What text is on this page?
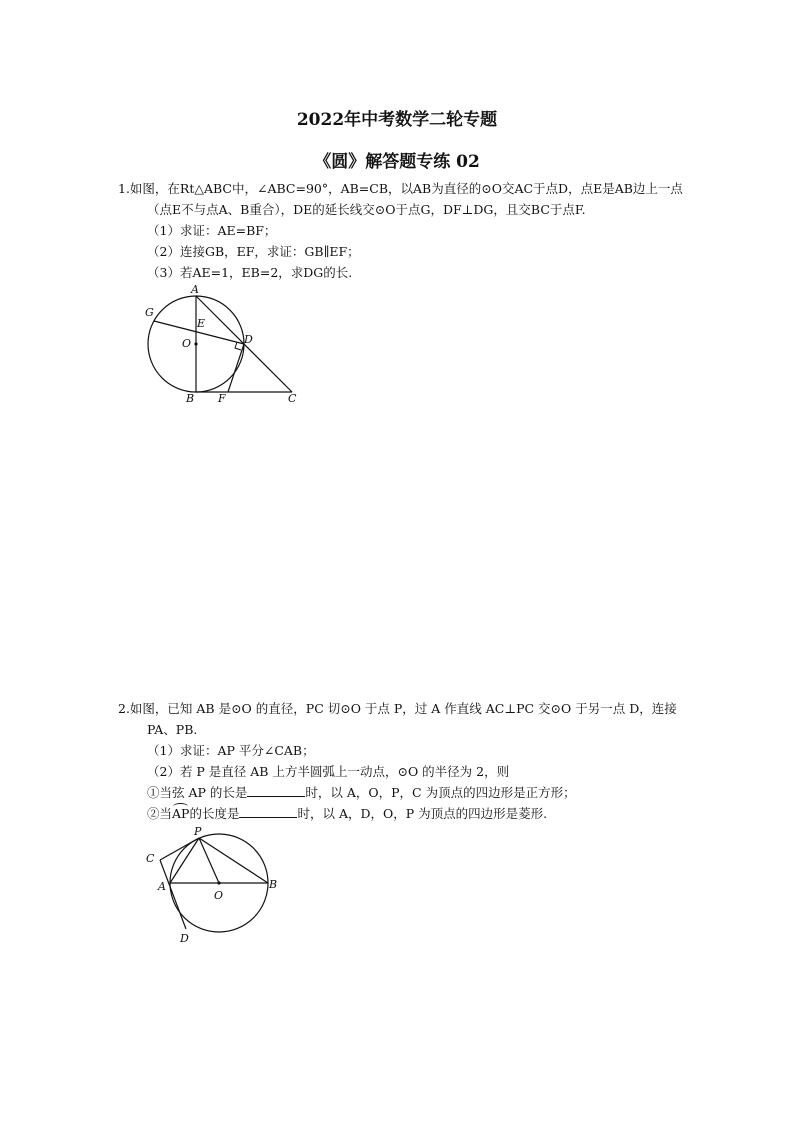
2022年中考数学二轮专题
《圆》解答题专练 02
1.如图，在Rt△ABC中，∠ABC=90°，AB=CB，以AB为直径的⊙O交AC于点D，点E是AB边上一点
（点E不与点A、B重合），DE的延长线交⊙O于点G，DF⊥DG，且交BC于点F.
（1）求证：AE=BF；
（2）连接GB，EF，求证：GB∥EF；
（3）若AE=1，EB=2，求DG的长.
A
G
E
O	D
B F	C
2.如图，已知 AB 是⊙O 的直径，PC 切⊙O 于点 P，过 A 作直线 AC⊥PC 交⊙O 于另一点 D，连接
PA、PB.
（1）求证：AP 平分∠CAB；
（2）若 P 是直径 AB 上方半圆弧上一动点，⊙O 的半径为 2，则
①当弦 AP 的长是	时，以 A，O，P，C 为顶点的四边形是正方形；
②当AP的长度是	时，以 A，D，O，P 为顶点的四边形是菱形.
P
C
A
O
B
D
